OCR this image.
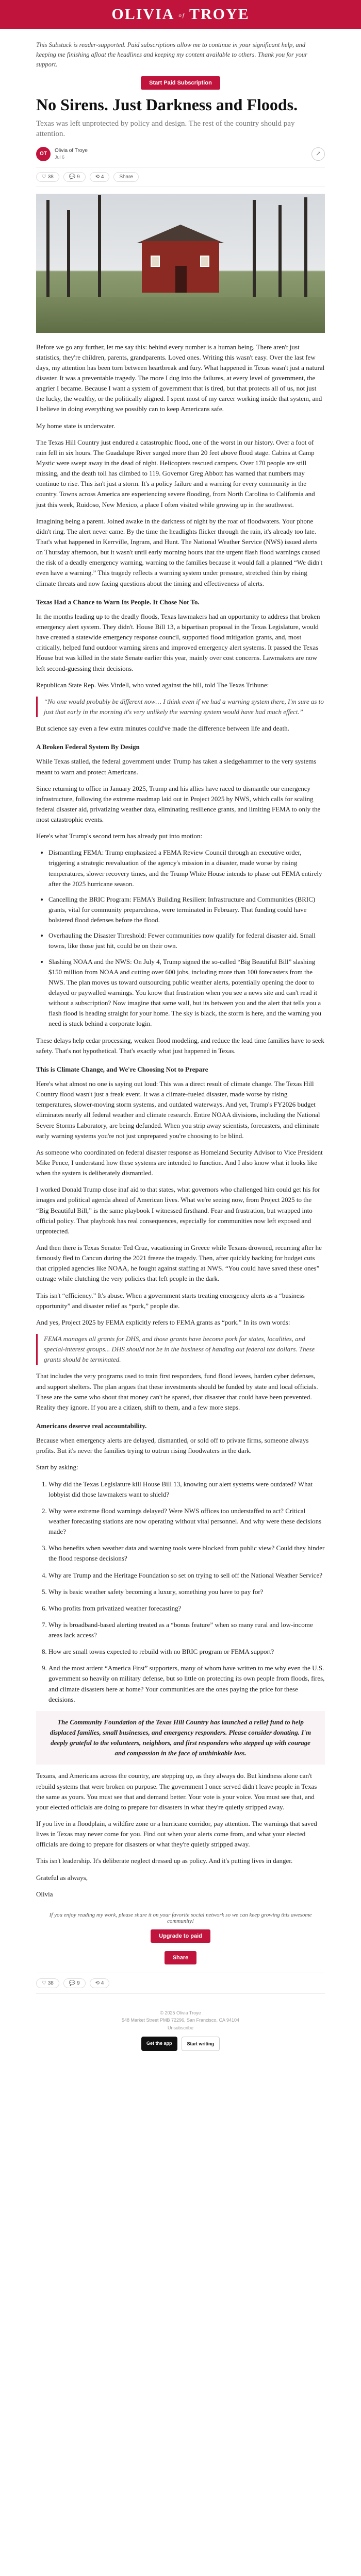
OLIVIA of TROYE

This Substack is reader-supported. Paid subscriptions allow me to continue in your significant help, and keeping me finishing afloat the headlines and keeping my content available to others. Thank you for your support.

Start Paid Subscription
No Sirens. Just Darkness and Floods.

Texas was left unprotected by policy and design. The rest of the country should pay attention.

OT
Olivia of Troye
Jul 6	↗
♡ 38	💬 9	⟲ 4	Share

Before we go any further, let me say this: behind every number is a human being. There aren't just statistics, they're children, parents, grandparents. Loved ones. Writing this wasn't easy. Over the last few days, my attention has been torn between heartbreak and fury. What happened in Texas wasn't just a natural disaster. It was a preventable tragedy. The more I dug into the failures, at every level of government, the angrier I became. Because I want a system of government that is tired, but that protects all of us, not just the lucky, the wealthy, or the politically aligned. I spent most of my career working inside that system, and I believe in doing everything we possibly can to keep Americans safe.

My home state is underwater.

The Texas Hill Country just endured a catastrophic flood, one of the worst in our history. Over a foot of rain fell in six hours. The Guadalupe River surged more than 20 feet above flood stage. Cabins at Camp Mystic were swept away in the dead of night. Helicopters rescued campers. Over 170 people are still missing, and the death toll has climbed to 119. Governor Greg Abbott has warned that numbers may continue to rise. This isn't just a storm. It's a policy failure and a warning for every community in the country. Towns across America are experiencing severe flooding, from North Carolina to California and just this week, Ruidoso, New Mexico, a place I often visited while growing up in the southwest.

Imagining being a parent. Joined awake in the darkness of night by the roar of floodwaters. Your phone didn't ring. The alert never came. By the time the headlights flicker through the rain, it's already too late. That's what happened in Kerrville, Ingram, and Hunt. The National Weather Service (NWS) issued alerts on Thursday afternoon, but it wasn't until early morning hours that the urgent flash flood warnings caused the risk of a deadly emergency warning, warning to the families because it would fall a planned “We didn't even have a warning.” This tragedy reflects a warning system under pressure, stretched thin by rising climate threats and now facing questions about the timing and effectiveness of alerts.

Texas Had a Chance to Warn Its People. It Chose Not To.

In the months leading up to the deadly floods, Texas lawmakers had an opportunity to address that broken emergency alert system. They didn't. House Bill 13, a bipartisan proposal in the Texas Legislature, would have created a statewide emergency response council, supported flood mitigation grants, and, most critically, helped fund outdoor warning sirens and improved emergency alert systems. It passed the Texas House but was killed in the state Senate earlier this year, mainly over cost concerns. Lawmakers are now left second-guessing their decisions.

Republican State Rep. Wes Virdell, who voted against the bill, told The Texas Tribune:

“No one would probably be different now… I think even if we had a warning system there, I'm sure as to just that early in the morning it's very unlikely the warning system would have had much effect.”

But science say even a few extra minutes could've made the difference between life and death.

A Broken Federal System By Design

While Texas stalled, the federal government under Trump has taken a sledgehammer to the very systems meant to warn and protect Americans.

Since returning to office in January 2025, Trump and his allies have raced to dismantle our emergency infrastructure, following the extreme roadmap laid out in Project 2025 by NWS, which calls for scaling federal disaster aid, privatizing weather data, eliminating resilience grants, and limiting FEMA to only the most catastrophic events.

Here's what Trump's second term has already put into motion:

• Dismantling FEMA: Trump emphasized a FEMA Review Council through an executive order, triggering a strategic reevaluation of the agency's mission in a disaster, made worse by rising temperatures, slower recovery times, and the Trump White House intends to phase out FEMA entirely after the 2025 hurricane season.
• Cancelling the BRIC Program: FEMA's Building Resilient Infrastructure and Communities (BRIC) grants, vital for community preparedness, were terminated in February. That funding could have bolstered flood defenses before the flood.
• Overhauling the Disaster Threshold: Fewer communities now qualify for federal disaster aid. Small towns, like those just hit, could be on their own.
• Slashing NOAA and the NWS: On July 4, Trump signed the so-called “Big Beautiful Bill” slashing $150 million from NOAA and cutting over 600 jobs, including more than 100 forecasters from the NWS. The plan moves us toward outsourcing public weather alerts, potentially opening the door to delayed or paywalled warnings. You know that frustration when you see a news site and can't read it without a subscription? Now imagine that same wall, but its between you and the alert that tells you a flash flood is heading straight for your home. The sky is black, the storm is here, and the warning you need is stuck behind a corporate login.

These delays help cedar processing, weaken flood modeling, and reduce the lead time families have to seek safety. That's not hypothetical. That's exactly what just happened in Texas.

This is Climate Change, and We're Choosing Not to Prepare

Here's what almost no one is saying out loud: This was a direct result of climate change. The Texas Hill Country flood wasn't just a freak event. It was a climate-fueled disaster, made worse by rising temperatures, slower-moving storm systems, and outdated waterways. And yet, Trump's FY2026 budget eliminates nearly all federal weather and climate research. Entire NOAA divisions, including the National Severe Storms Laboratory, are being defunded. When you strip away scientists, forecasters, and eliminate early warning systems you're not just unprepared you're choosing to be blind.

As someone who coordinated on federal disaster response as Homeland Security Advisor to Vice President Mike Pence, I understand how these systems are intended to function. And I also know what it looks like when the system is deliberately dismantled.

I worked Donald Trump close inaf aid to that states, what governors who challenged him could get his for images and political agenda ahead of American lives. What we're seeing now, from Project 2025 to the “Big Beautiful Bill,” is the same playbook I witnessed firsthand. Fear and frustration, but wrapped into official policy. That playbook has real consequences, especially for communities now left exposed and unprotected.

And then there is Texas Senator Ted Cruz, vacationing in Greece while Texans drowned, recurring after he famously fled to Cancun during the 2021 freeze the tragedy. Then, after quickly backing for budget cuts that crippled agencies like NOAA, he fought against staffing at NWS. “You could have saved these ones” outrage while clutching the very policies that left people in the dark.

This isn't “efficiency.” It's abuse. When a government starts treating emergency alerts as a “business opportunity” and disaster relief as “pork,” people die.

And yes, Project 2025 by FEMA explicitly refers to FEMA grants as “pork.” In its own words:

FEMA manages all grants for DHS, and those grants have become pork for states, localities, and special-interest groups... DHS should not be in the business of handing out federal tax dollars. These grants should be terminated.

That includes the very programs used to train first responders, fund flood levees, harden cyber defenses, and support shelters. The plan argues that these investments should be funded by state and local officials. These are the same who shout that money can't be spared, that disaster that could have been prevented. Reality they ignore. If you are a citizen, shift to them, and a few more steps.

Americans deserve real accountability.

Because when emergency alerts are delayed, dismantled, or sold off to private firms, someone always profits. But it's never the families trying to outrun rising floodwaters in the dark.

Start by asking:

1. Why did the Texas Legislature kill House Bill 13, knowing our alert systems were outdated? What lobbyist did those lawmakers want to shield?
2. Why were extreme flood warnings delayed? Were NWS offices too understaffed to act? Critical weather forecasting stations are now operating without vital personnel. And why were these decisions made?
3. Who benefits when weather data and warning tools were blocked from public view? Could they hinder the flood response decisions?
4. Why are Trump and the Heritage Foundation so set on trying to sell off the National Weather Service?
5. Why is basic weather safety becoming a luxury, something you have to pay for?
6. Who profits from privatized weather forecasting?
7. Why is broadband-based alerting treated as a “bonus feature” when so many rural and low-income areas lack access?
8. How are small towns expected to rebuild with no BRIC program or FEMA support?
9. And the most ardent “America First” supporters, many of whom have written to me why even the U.S. government so heavily on military defense, but so little on protecting its own people from floods, fires, and climate disasters here at home? Your communities are the ones paying the price for these decisions.

The Community Foundation of the Texas Hill Country has launched a relief fund to help displaced families, small businesses, and emergency responders. Please consider donating. I'm deeply grateful to the volunteers, neighbors, and first responders who stepped up with courage and compassion in the face of unthinkable loss.

Texans, and Americans across the country, are stepping up, as they always do. But kindness alone can't rebuild systems that were broken on purpose. The government I once served didn't leave people in Texas the same as yours. You must see that and demand better. Your vote is your voice. You must see that, and your elected officials are doing to prepare for disasters in what they're quietly stripped away.

If you live in a floodplain, a wildfire zone or a hurricane corridor, pay attention. The warnings that saved lives in Texas may never come for you. Find out when your alerts come from, and what your elected officials are doing to prepare for disasters or what they're quietly stripped away.

This isn't leadership. It's deliberate neglect dressed up as policy. And it's putting lives in danger.

Grateful as always,

Olivia

If you enjoy reading my work, please share it on your favorite social network so we can keep growing this awesome community!

Upgrade to paid
Share
♡ 38	💬 9	⟲ 4
© 2025 Olivia Troye
548 Market Street PMB 72296, San Francisco, CA 94104
Unsubscribe
Get the app	Start writing
